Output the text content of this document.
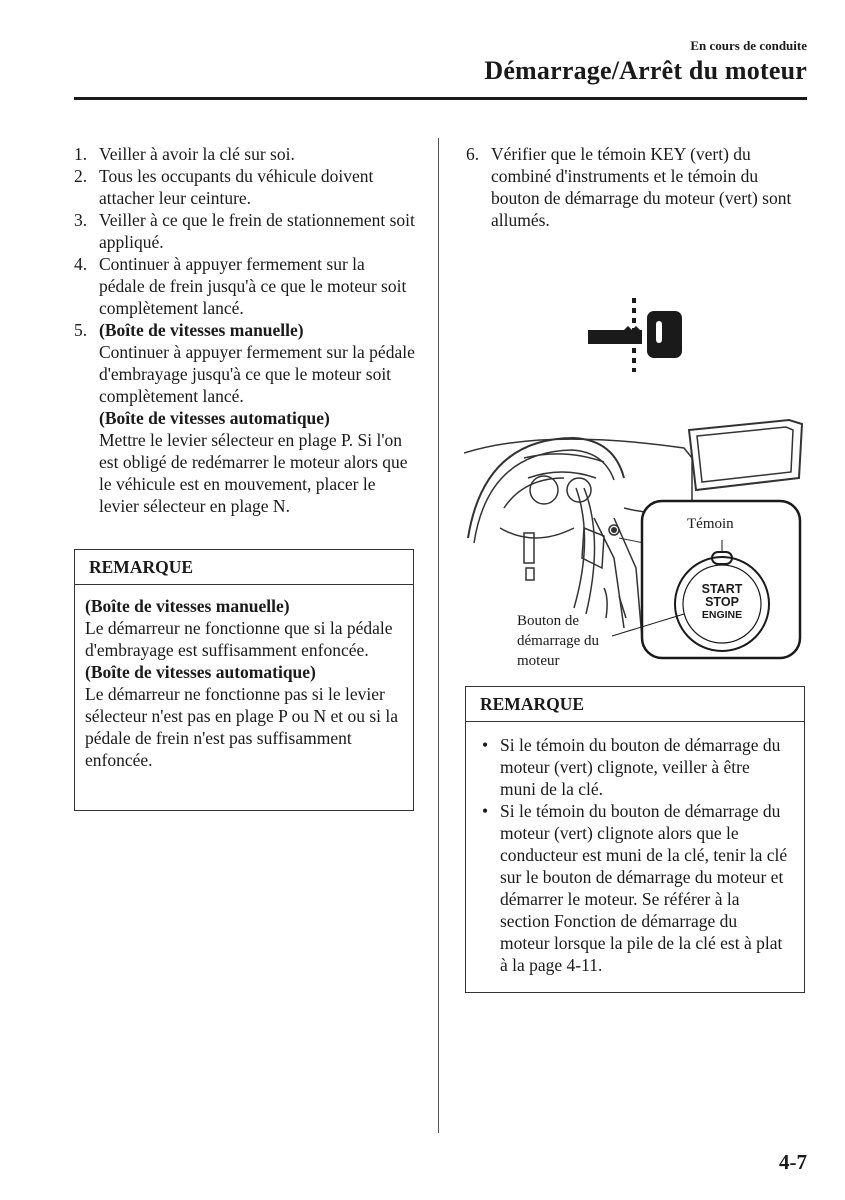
En cours de conduite
Démarrage/Arrêt du moteur
1. Veiller à avoir la clé sur soi.
2. Tous les occupants du véhicule doivent attacher leur ceinture.
3. Veiller à ce que le frein de stationnement soit appliqué.
4. Continuer à appuyer fermement sur la pédale de frein jusqu'à ce que le moteur soit complètement lancé.
5. (Boîte de vitesses manuelle)
Continuer à appuyer fermement sur la pédale d'embrayage jusqu'à ce que le moteur soit complètement lancé.
(Boîte de vitesses automatique)
Mettre le levier sélecteur en plage P. Si l'on est obligé de redémarrer le moteur alors que le véhicule est en mouvement, placer le levier sélecteur en plage N.
REMARQUE
(Boîte de vitesses manuelle)
Le démarreur ne fonctionne que si la pédale d'embrayage est suffisamment enfoncée.
(Boîte de vitesses automatique)
Le démarreur ne fonctionne pas si le levier sélecteur n'est pas en plage P ou N et ou si la pédale de frein n'est pas suffisamment enfoncée.
6. Vérifier que le témoin KEY (vert) du combiné d'instruments et le témoin du bouton de démarrage du moteur (vert) sont allumés.
Témoin
START
STOP
ENGINE
Bouton de démarrage du moteur
REMARQUE
• Si le témoin du bouton de démarrage du moteur (vert) clignote, veiller à être muni de la clé.
• Si le témoin du bouton de démarrage du moteur (vert) clignote alors que le conducteur est muni de la clé, tenir la clé sur le bouton de démarrage du moteur et démarrer le moteur. Se référer à la section Fonction de démarrage du moteur lorsque la pile de la clé est à plat à la page 4-11.
4-7
